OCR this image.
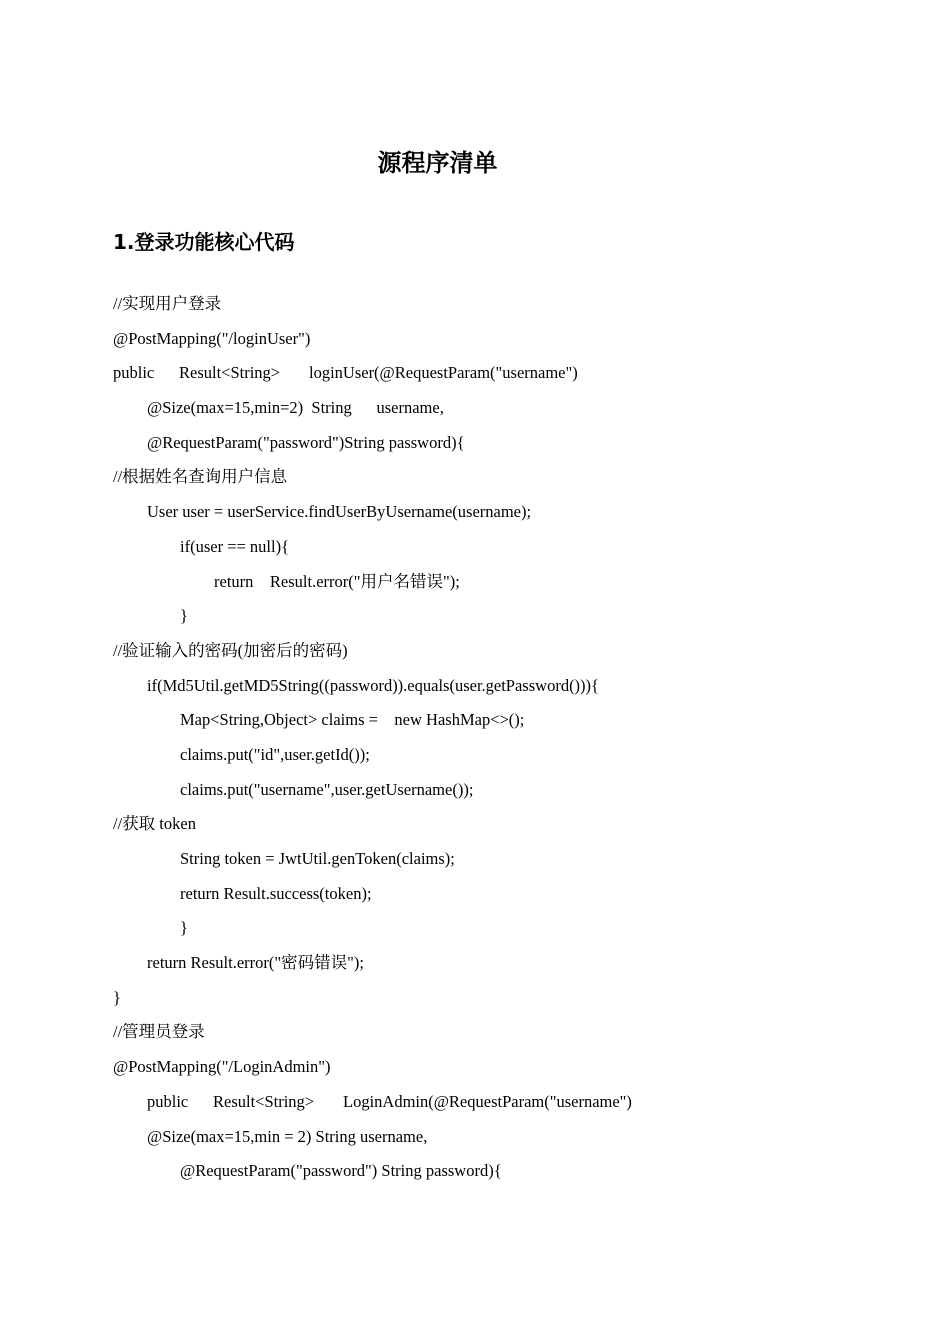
源程序清单
1.登录功能核心代码
//实现用户登录
@PostMapping("/loginUser")
public      Result<String>       loginUser(@RequestParam("username")
@Size(max=15,min=2)  String      username,
@RequestParam("password")String password){
//根据姓名查询用户信息
User user = userService.findUserByUsername(username);
if(user == null){
return    Result.error("用户名错误");
}
//验证输入的密码(加密后的密码)
if(Md5Util.getMD5String((password)).equals(user.getPassword())){
Map<String,Object> claims =    new HashMap<>();
claims.put("id",user.getId());
claims.put("username",user.getUsername());
//获取 token
String token = JwtUtil.genToken(claims);
return Result.success(token);
}
return Result.error("密码错误");
}
//管理员登录
@PostMapping("/LoginAdmin")
public      Result<String>       LoginAdmin(@RequestParam("username")
@Size(max=15,min = 2) String username,
@RequestParam("password") String password){
